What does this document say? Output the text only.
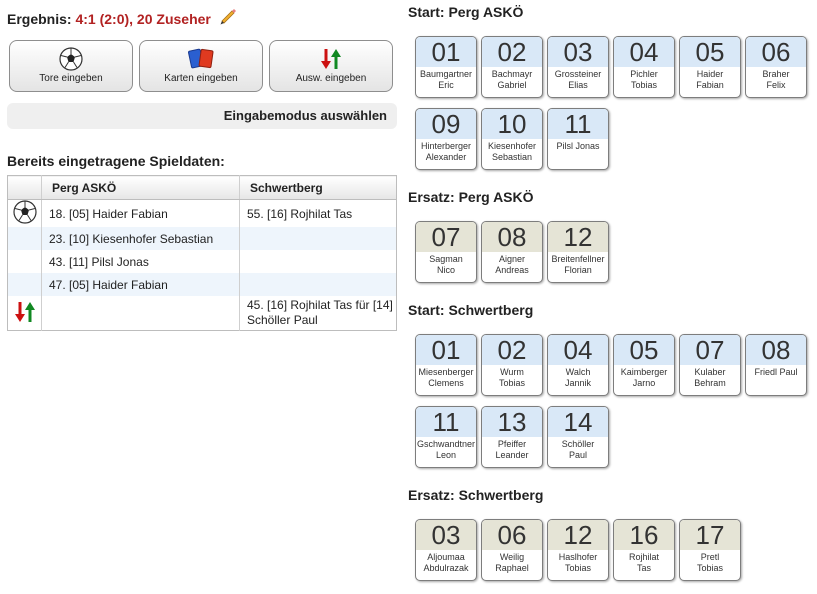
Ergebnis: 4:1 (2:0), 20 Zuseher
Tore eingeben	Karten eingeben	Ausw. eingeben
Eingabemodus auswählen
Bereits eingetragene Spieldaten:
	Perg ASKÖ	Schwertberg
	18. [05] Haider Fabian	55. [16] Rojhilat Tas
	23. [10] Kiesenhofer Sebastian	
	43. [11] Pilsl Jonas	
	47. [05] Haider Fabian	
		45. [16] Rojhilat Tas für [14] Schöller Paul
Start: Perg ASKÖ
01
Baumgartner
Eric
02
Bachmayr
Gabriel
03
Grossteiner
Elias
04
Pichler
Tobias
05
Haider
Fabian
06
Braher
Felix
09
Hinterberger
Alexander
10
Kiesenhofer
Sebastian
11
Pilsl Jonas
Ersatz: Perg ASKÖ
07
Sagman
Nico
08
Aigner
Andreas
12
Breitenfellner
Florian
Start: Schwertberg
01
Miesenberger
Clemens
02
Wurm
Tobias
04
Walch
Jannik
05
Kaimberger
Jarno
07
Kulaber
Behram
08
Friedl Paul
11
Gschwandtner
Leon
13
Pfeiffer
Leander
14
Schöller
Paul
Ersatz: Schwertberg
03
Aljoumaa
Abdulrazak
06
Weilig
Raphael
12
Haslhofer
Tobias
16
Rojhilat
Tas
17
Pretl
Tobias
